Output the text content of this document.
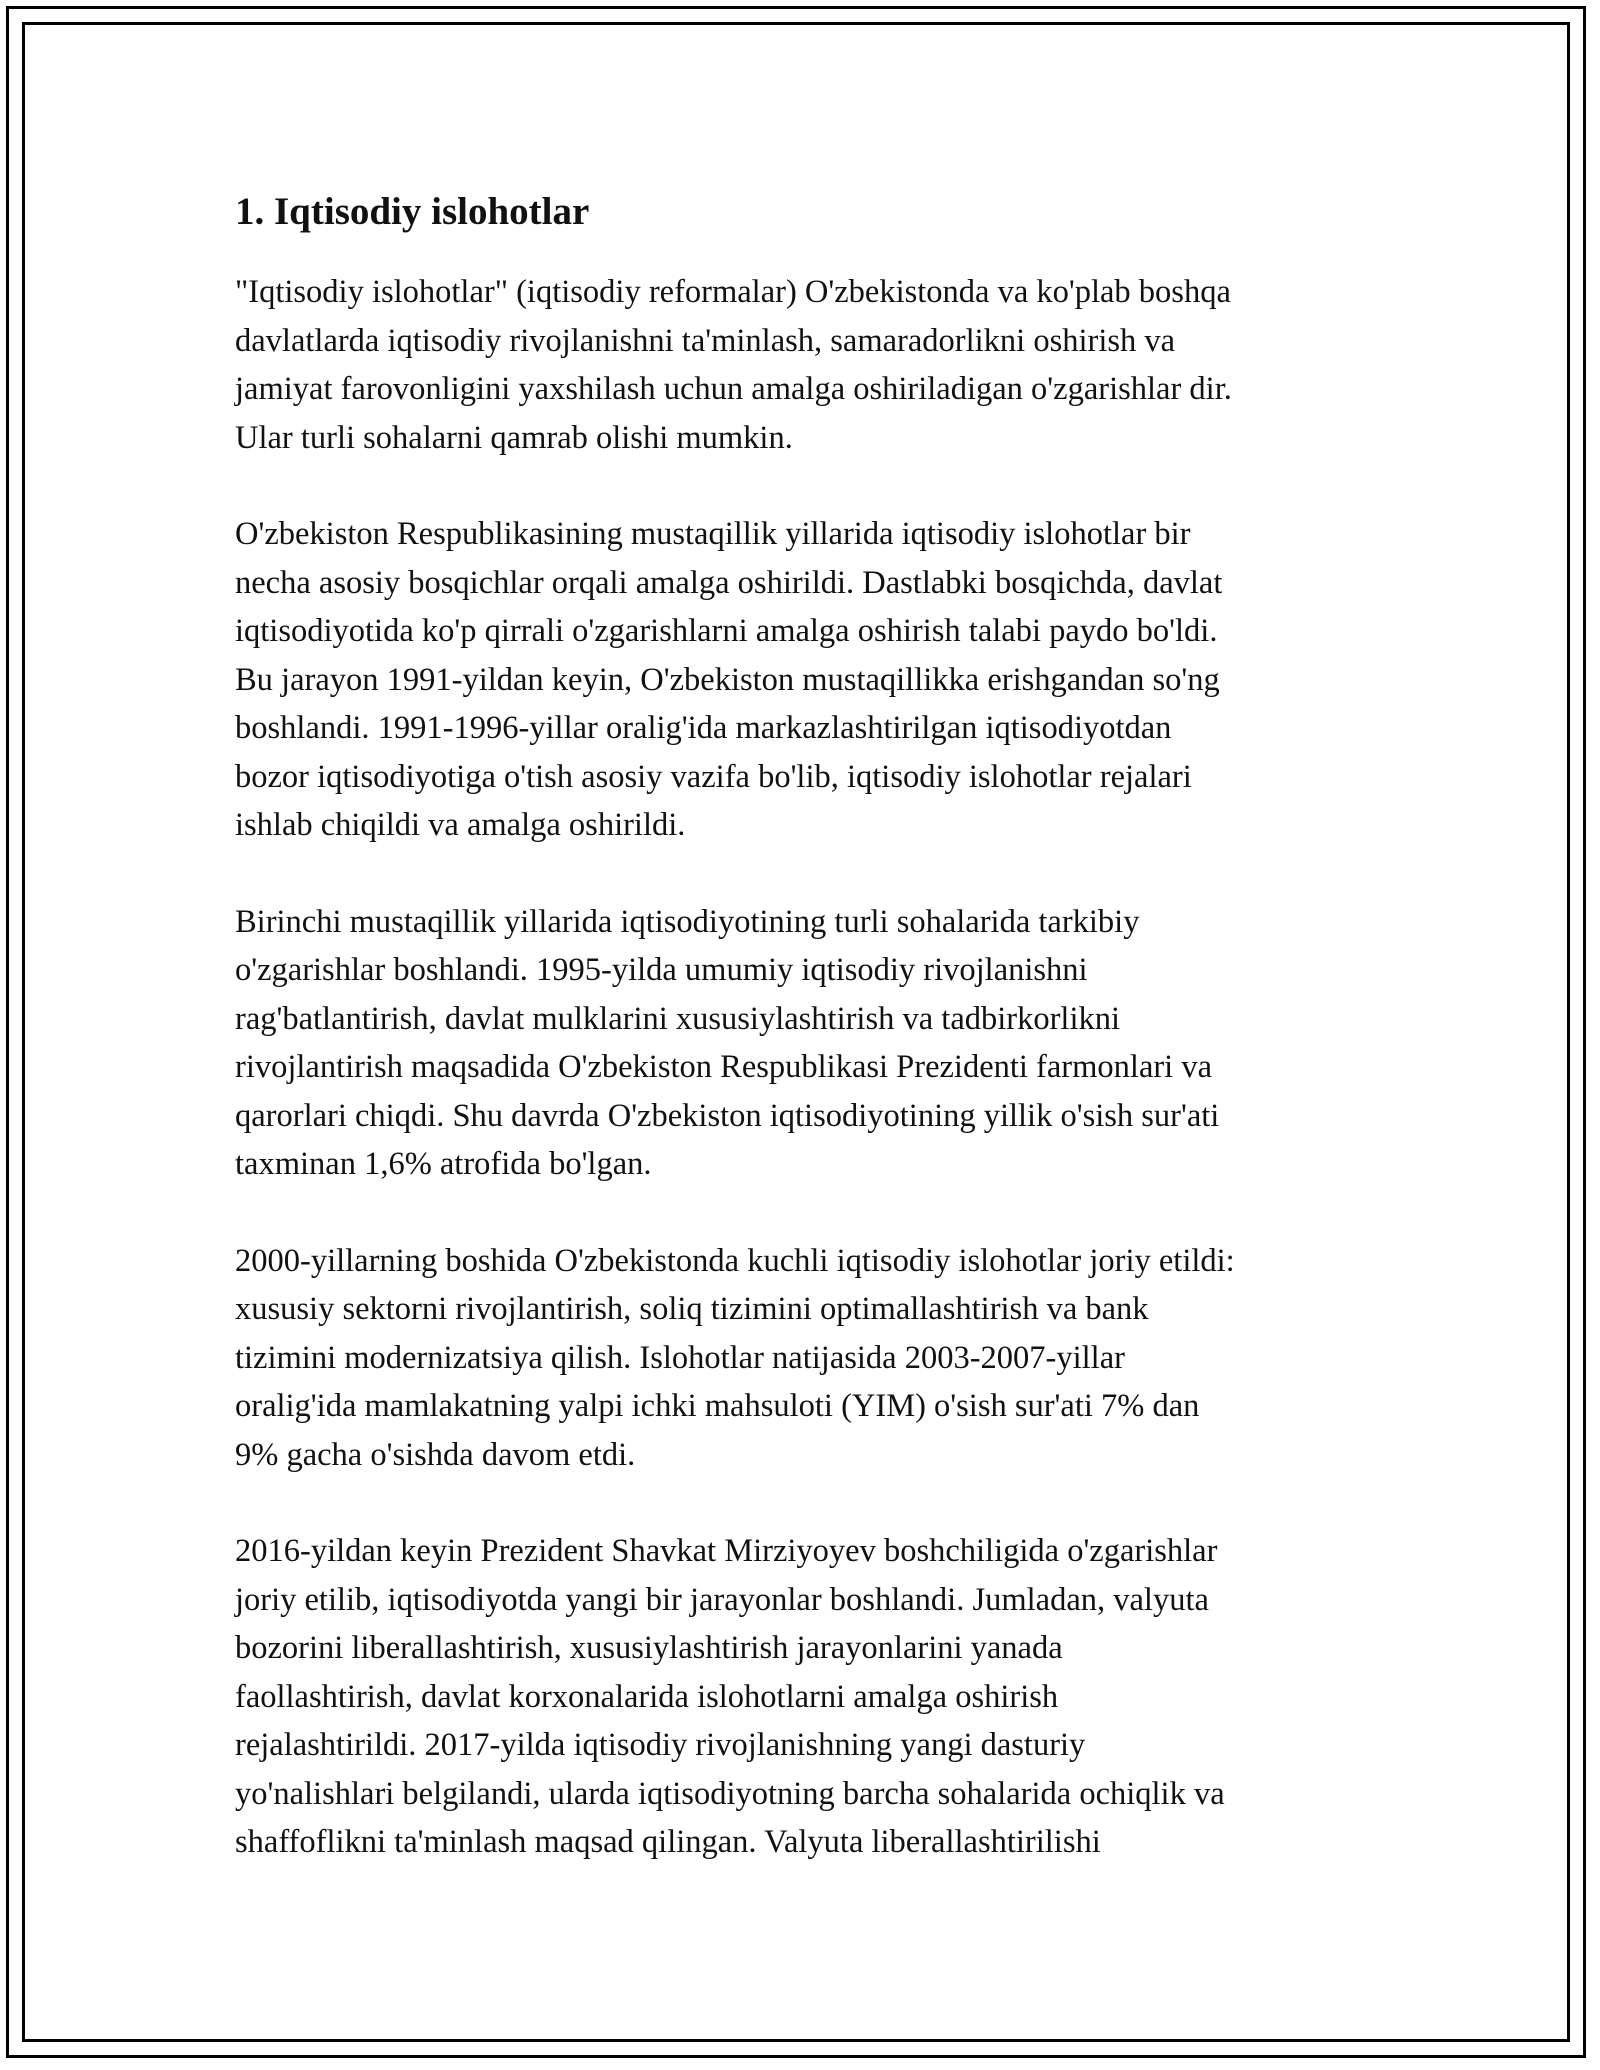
1. Iqtisodiy islohotlar

"Iqtisodiy islohotlar" (iqtisodiy reformalar) O'zbekistonda va ko'plab boshqa
davlatlarda iqtisodiy rivojlanishni ta'minlash, samaradorlikni oshirish va
jamiyat farovonligini yaxshilash uchun amalga oshiriladigan o'zgarishlar dir.
Ular turli sohalarni qamrab olishi mumkin.

O'zbekiston Respublikasining mustaqillik yillarida iqtisodiy islohotlar bir
necha asosiy bosqichlar orqali amalga oshirildi. Dastlabki bosqichda, davlat
iqtisodiyotida ko'p qirrali o'zgarishlarni amalga oshirish talabi paydo bo'ldi.
Bu jarayon 1991-yildan keyin, O'zbekiston mustaqillikka erishgandan so'ng
boshlandi. 1991-1996-yillar oralig'ida markazlashtirilgan iqtisodiyotdan
bozor iqtisodiyotiga o'tish asosiy vazifa bo'lib, iqtisodiy islohotlar rejalari
ishlab chiqildi va amalga oshirildi.

Birinchi mustaqillik yillarida iqtisodiyotining turli sohalarida tarkibiy
o'zgarishlar boshlandi. 1995-yilda umumiy iqtisodiy rivojlanishni
rag'batlantirish, davlat mulklarini xususiylashtirish va tadbirkorlikni
rivojlantirish maqsadida O'zbekiston Respublikasi Prezidenti farmonlari va
qarorlari chiqdi. Shu davrda O'zbekiston iqtisodiyotining yillik o'sish sur'ati
taxminan 1,6% atrofida bo'lgan.

2000-yillarning boshida O'zbekistonda kuchli iqtisodiy islohotlar joriy etildi:
xususiy sektorni rivojlantirish, soliq tizimini optimallashtirish va bank
tizimini modernizatsiya qilish. Islohotlar natijasida 2003-2007-yillar
oralig'ida mamlakatning yalpi ichki mahsuloti (YIM) o'sish sur'ati 7% dan
9% gacha o'sishda davom etdi.

2016-yildan keyin Prezident Shavkat Mirziyoyev boshchiligida o'zgarishlar
joriy etilib, iqtisodiyotda yangi bir jarayonlar boshlandi. Jumladan, valyuta
bozorini liberallashtirish, xususiylashtirish jarayonlarini yanada
faollashtirish, davlat korxonalarida islohotlarni amalga oshirish
rejalashtirildi. 2017-yilda iqtisodiy rivojlanishning yangi dasturiy
yo'nalishlari belgilandi, ularda iqtisodiyotning barcha sohalarida ochiqlik va
shaffoflikni ta'minlash maqsad qilingan. Valyuta liberallashtirilishi
